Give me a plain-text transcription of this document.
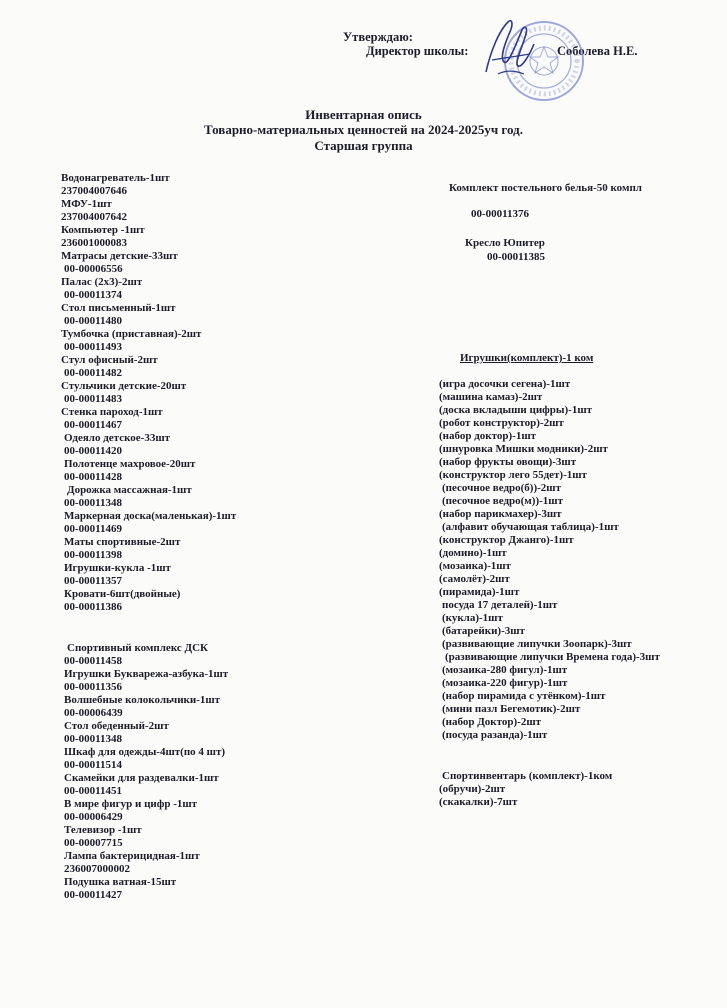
Утверждаю:
Директор школы:	Соболева Н.Е.
Инвентарная опись
Товарно-материальных ценностей на 2024-2025уч год.
Старшая группа
Водонагреватель-1шт
237004007646
МФУ-1шт
237004007642
Компьютер -1шт
236001000083
Матрасы детские-33шт
00-00006556
Палас (2х3)-2шт
00-00011374
Стол письменный-1шт
00-00011480
Тумбочка (приставная)-2шт
00-00011493
Стул офисный-2шт
00-00011482
Стульчики детские-20шт
00-00011483
Стенка пароход-1шт
00-00011467
Одеяло детское-33шт
00-00011420
Полотенце махровое-20шт
00-00011428
Дорожка массажная-1шт
00-00011348
Маркерная доска(маленькая)-1шт
00-00011469
Маты спортивные-2шт
00-00011398
Игрушки-кукла -1шт
00-00011357
Кровати-6шт(двойные)
00-00011386
Спортивный комплекс ДСК
00-00011458
Игрушки Букварежа-азбука-1шт
00-00011356
Волшебные колокольчики-1шт
00-00006439
Стол обеденный-2шт
00-00011348
Шкаф для одежды-4шт(по 4 шт)
00-00011514
Скамейки для раздевалки-1шт
00-00011451
В мире фигур и цифр -1шт
00-00006429
Телевизор -1шт
00-00007715
Лампа бактерицидная-1шт
236007000002
Подушка ватная-15шт
00-00011427
Комплект постельного белья-50 компл
00-00011376
Кресло Юпитер
00-00011385
Игрушки(комплект)-1 ком
(игра досочки сегена)-1шт
(машина камаз)-2шт
(доска вкладыши цифры)-1шт
(робот конструктор)-2шт
(набор доктор)-1шт
(шнуровка Мишки модники)-2шт
(набор фрукты овощи)-3шт
(конструктор лего 55дет)-1шт
(песочное ведро(б))-2шт
(песочное ведро(м))-1шт
(набор парикмахер)-3шт
(алфавит обучающая таблица)-1шт
(конструктор Джанго)-1шт
(домино)-1шт
(мозаика)-1шт
(самолёт)-2шт
(пирамида)-1шт
посуда 17 деталей)-1шт
(кукла)-1шт
(батарейки)-3шт
(развивающие липучки Зоопарк)-3шт
(развивающие липучки Времена года)-3шт
(мозаика-280 фигул)-1шт
(мозаика-220 фигур)-1шт
(набор пирамида с утёнком)-1шт
(мини пазл Бегемотик)-2шт
(набор Доктор)-2шт
(посуда разанда)-1шт
Спортинвентарь (комплект)-1ком
(обручи)-2шт
(скакалки)-7шт
